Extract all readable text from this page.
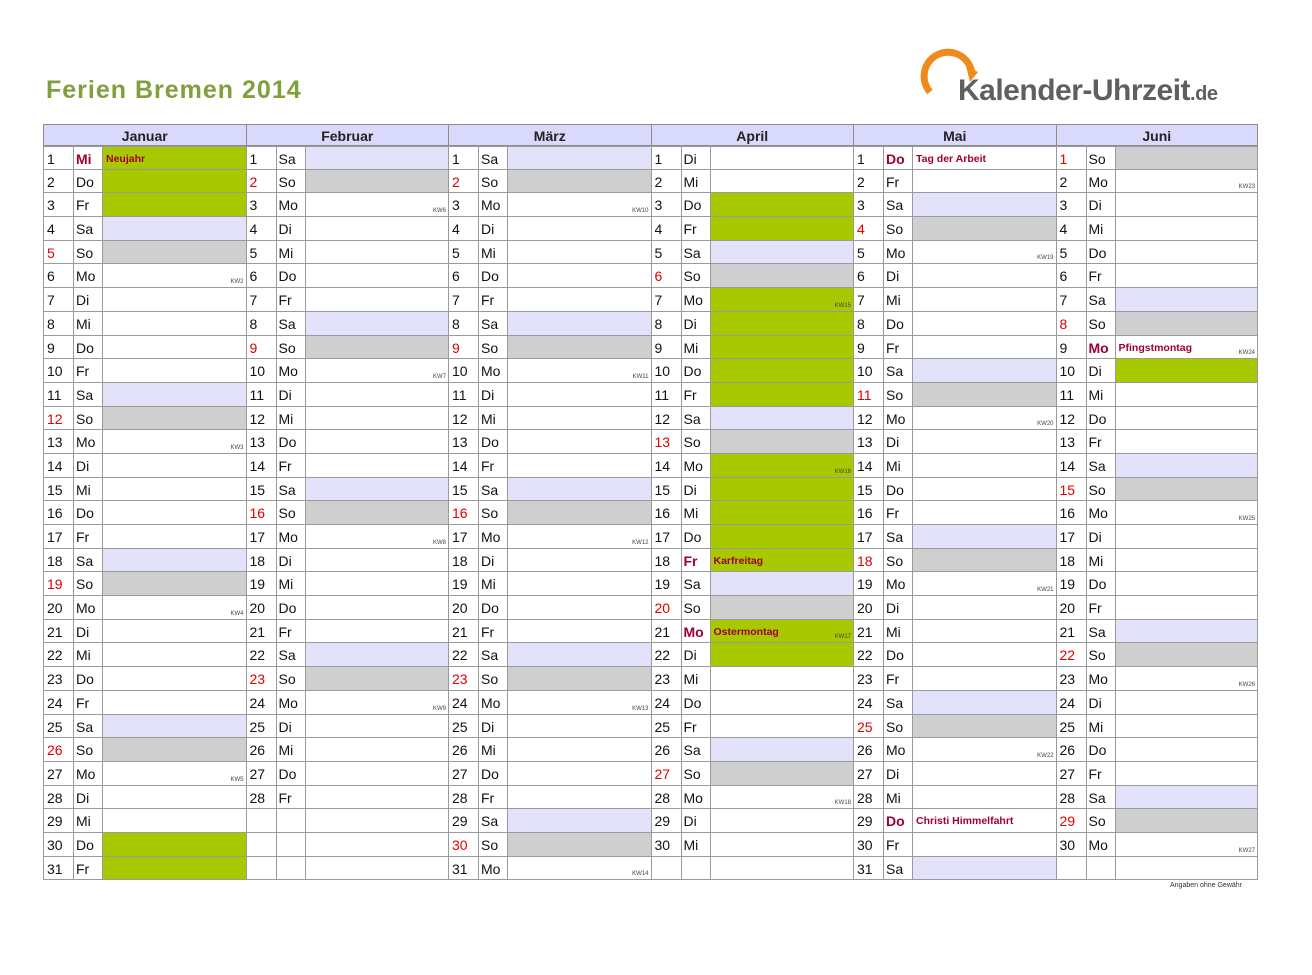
Ferien Bremen 2014	Kalender-Uhrzeit.de
Januar
1 Mi Neujahr
2 Do
3 Fr
4 Sa
5 So
6 Mo	KW2
7 Di
8 Mi
9 Do
10 Fr
11 Sa
12 So
13 Mo	KW3
14 Di
15 Mi
16 Do
17 Fr
18 Sa
19 So
20 Mo	KW4
21 Di
22 Mi
23 Do
24 Fr
25 Sa
26 So
27 Mo	KW5
28 Di
29 Mi
30 Do
31 Fr
Februar
1 Sa
2 So
3 Mo	KW6
4 Di
5 Mi
6 Do
7 Fr
8 Sa
9 So
10 Mo	KW7
11 Di
12 Mi
13 Do
14 Fr
15 Sa
16 So
17 Mo	KW8
18 Di
19 Mi
20 Do
21 Fr
22 Sa
23 So
24 Mo	KW9
25 Di
26 Mi
27 Do
28 Fr
März
1 Sa
2 So
3 Mo	KW10
4 Di
5 Mi
6 Do
7 Fr
8 Sa
9 So
10 Mo	KW11
11 Di
12 Mi
13 Do
14 Fr
15 Sa
16 So
17 Mo	KW12
18 Di
19 Mi
20 Do
21 Fr
22 Sa
23 So
24 Mo	KW13
25 Di
26 Mi
27 Do
28 Fr
29 Sa
30 So
31 Mo	KW14
April
1 Di
2 Mi
3 Do
4 Fr
5 Sa
6 So
7 Mo	KW15
8 Di
9 Mi
10 Do
11 Fr
12 Sa
13 So
14 Mo	KW16
15 Di
16 Mi
17 Do
18 Fr Karfreitag
19 Sa
20 So
21 Mo Ostermontag	KW17
22 Di
23 Mi
24 Do
25 Fr
26 Sa
27 So
28 Mo	KW18
29 Di
30 Mi
Mai
1 Do Tag der Arbeit
2 Fr
3 Sa
4 So
5 Mo	KW19
6 Di
7 Mi
8 Do
9 Fr
10 Sa
11 So
12 Mo	KW20
13 Di
14 Mi
15 Do
16 Fr
17 Sa
18 So
19 Mo	KW21
20 Di
21 Mi
22 Do
23 Fr
24 Sa
25 So
26 Mo	KW22
27 Di
28 Mi
29 Do Christi Himmelfahrt
30 Fr
31 Sa
Juni
1 So
2 Mo	KW23
3 Di
4 Mi
5 Do
6 Fr
7 Sa
8 So
9 Mo Pfingstmontag	KW24
10 Di
11 Mi
12 Do
13 Fr
14 Sa
15 So
16 Mo	KW25
17 Di
18 Mi
19 Do
20 Fr
21 Sa
22 So
23 Mo	KW26
24 Di
25 Mi
26 Do
27 Fr
28 Sa
29 So
30 Mo	KW27
Angaben ohne Gewähr
